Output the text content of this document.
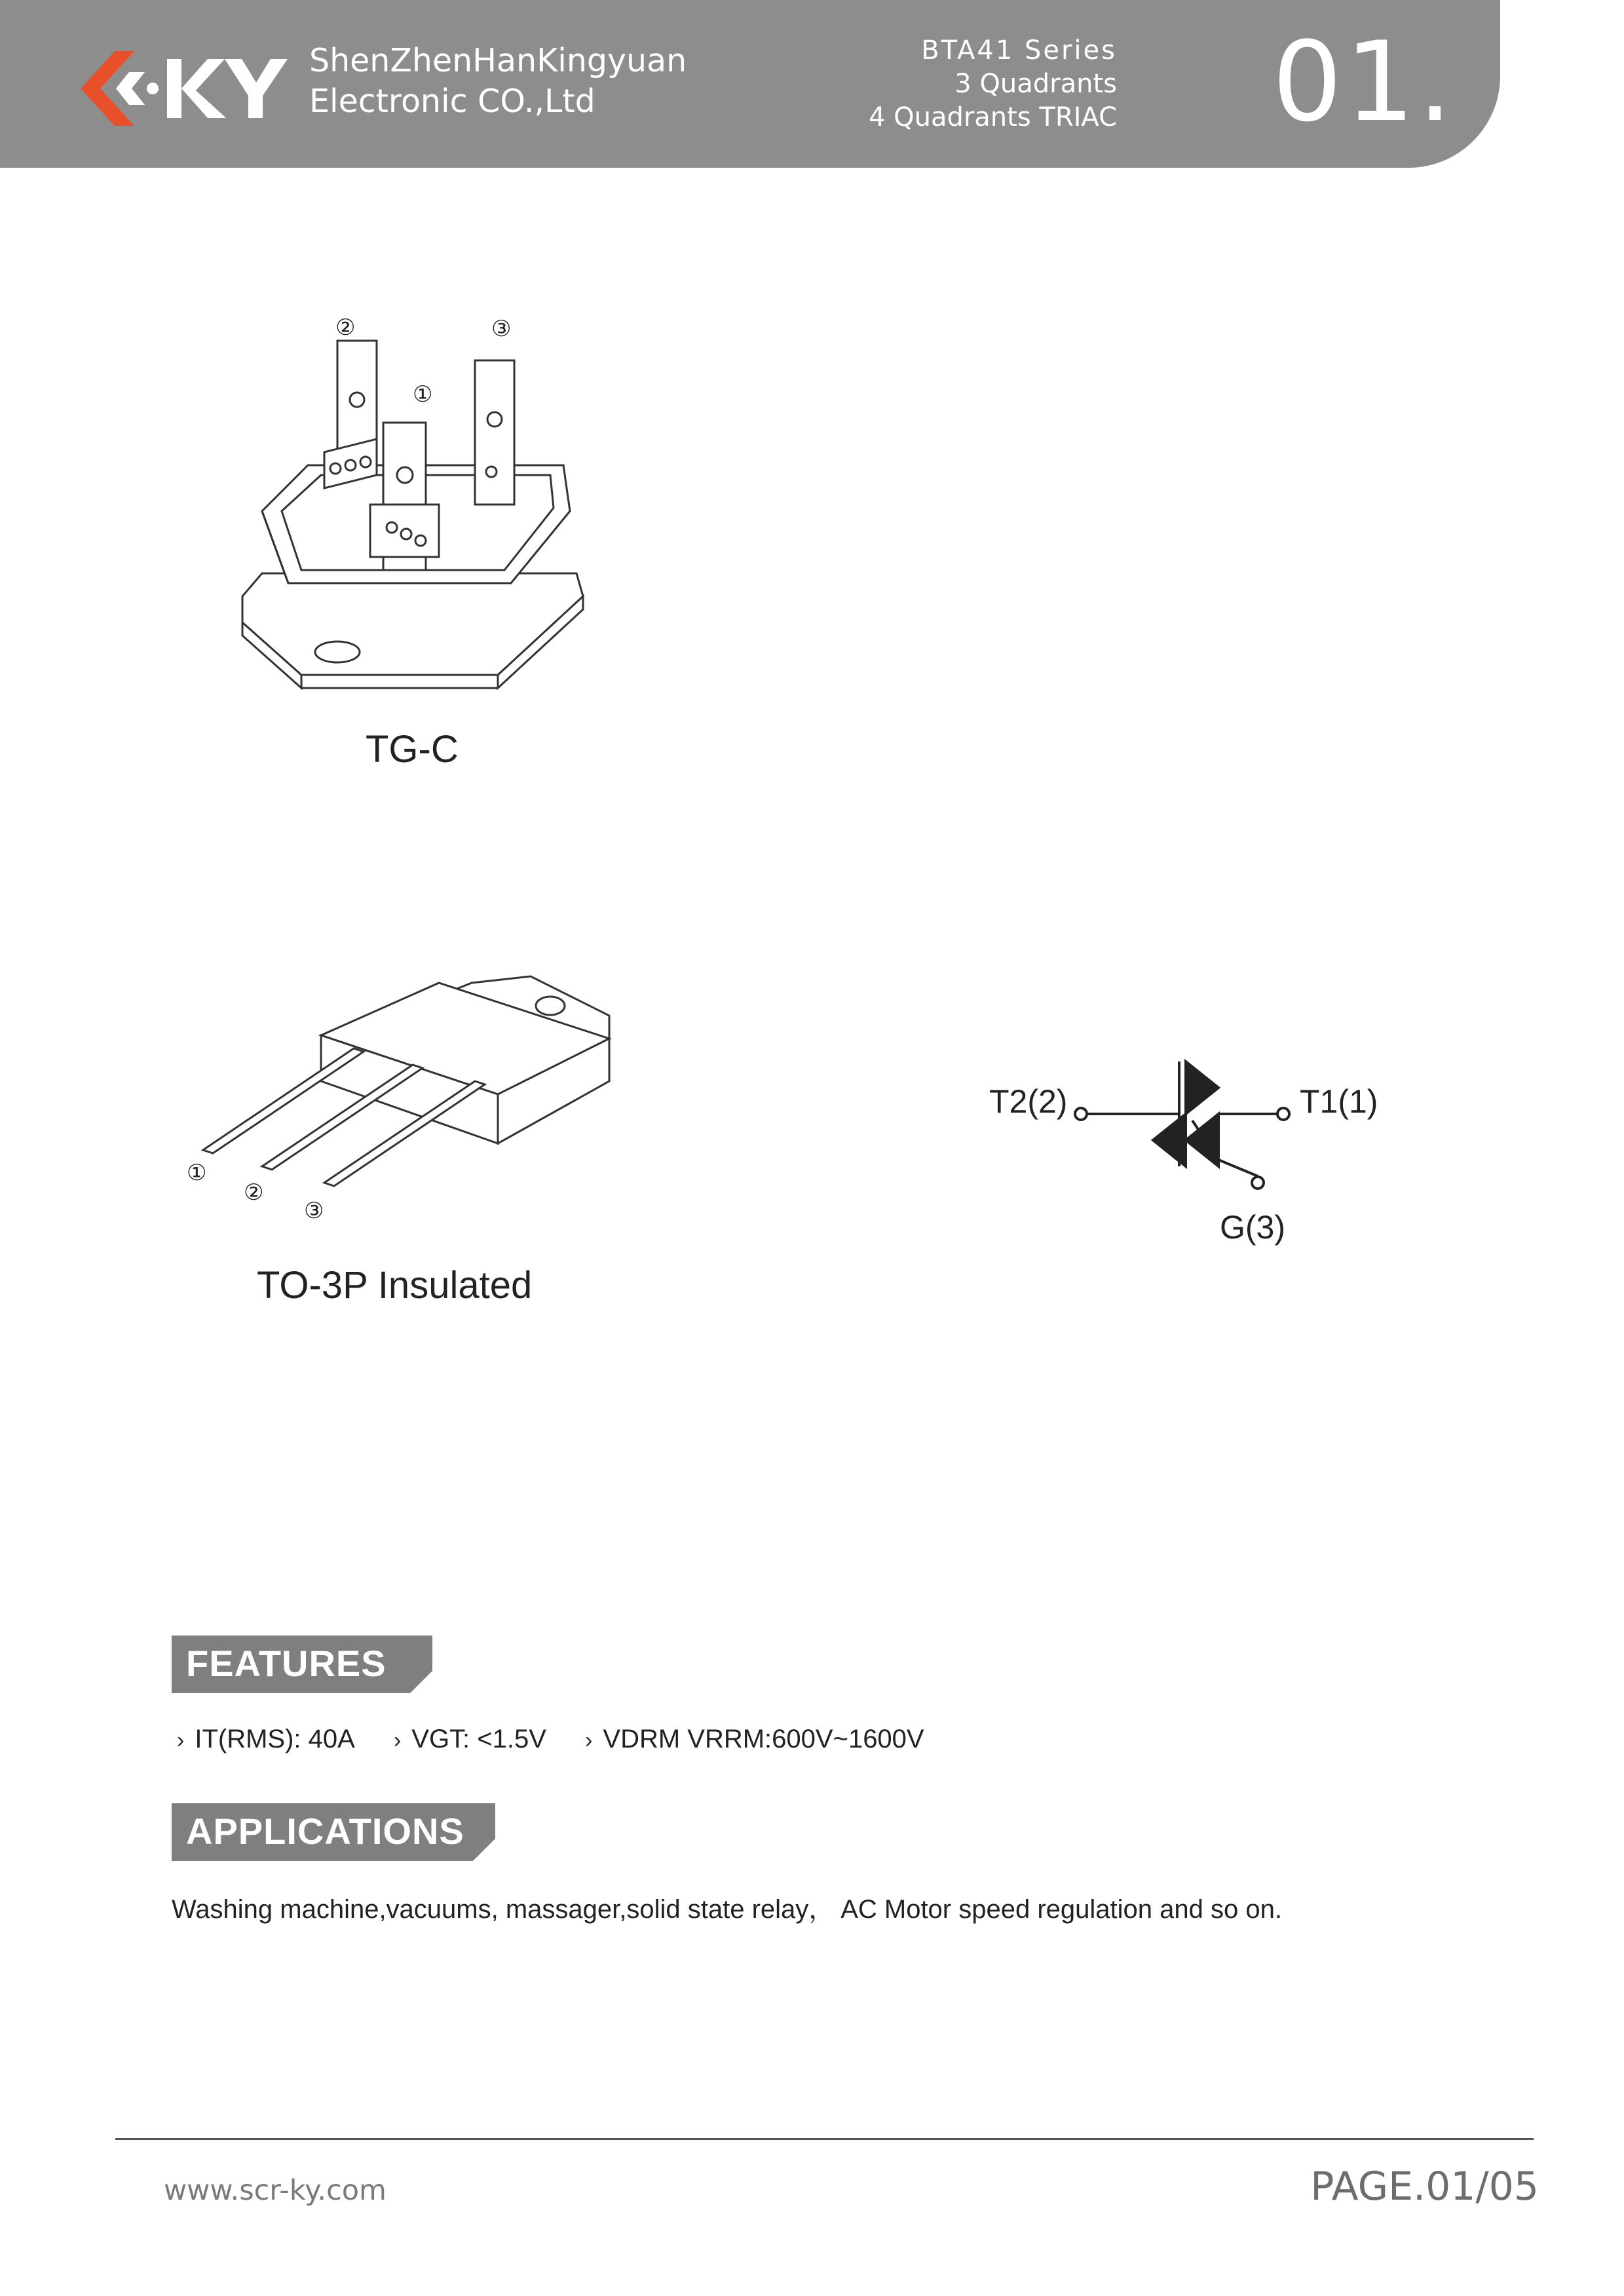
ShenZhenHanKingyuan
Electronic CO.,Ltd
BTA41 Series
3 Quadrants
4 Quadrants TRIAC 01.
②	③
①
TG-C
①
②
③
TO-3P Insulated
T2(2)	T1(1)
G(3)
FEATURES
› IT(RMS): 40A › VGT: <1.5V › VDRM VRRM:600V~1600V
APPLICATIONS
Washing machine,vacuums, massager,solid state relay， AC Motor speed regulation and so on.
www.scr-ky.com	PAGE.01/05
